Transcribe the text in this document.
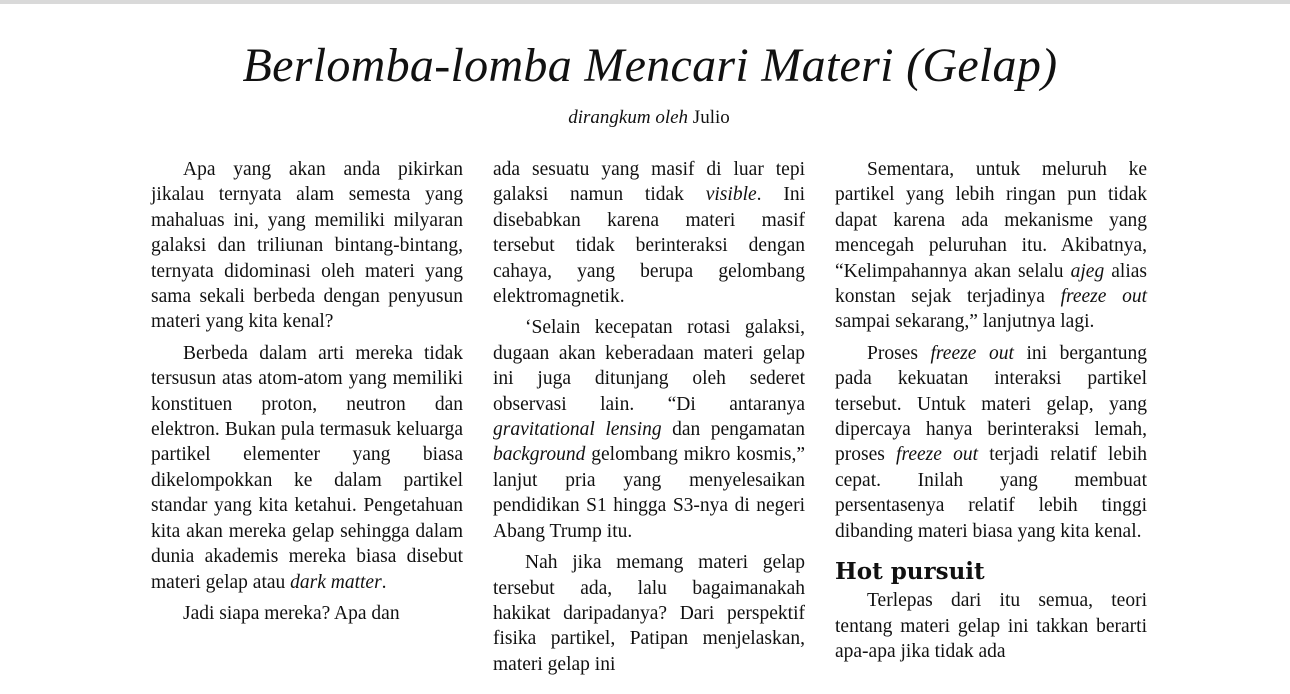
Berlomba-lomba Mencari Materi (Gelap)
dirangkum oleh Julio

Apa yang akan anda pikirkan jikalau ternyata alam semesta yang mahaluas ini, yang memiliki milyaran galaksi dan triliunan bintang-bintang, ternyata didominasi oleh materi yang sama sekali berbeda dengan penyusun materi yang kita kenal?

Berbeda dalam arti mereka tidak tersusun atas atom-atom yang memiliki konstituen proton, neutron dan elektron. Bukan pula termasuk keluarga partikel elementer yang biasa dikelompokkan ke dalam partikel standar yang kita ketahui. Pengetahuan kita akan mereka gelap sehingga dalam dunia akademis mereka biasa disebut materi gelap atau dark matter.

Jadi siapa mereka? Apa dan

ada sesuatu yang masif di luar tepi galaksi namun tidak visible. Ini disebabkan karena materi masif tersebut tidak berinteraksi dengan cahaya, yang berupa gelombang elektromagnetik.

‘Selain kecepatan rotasi galaksi, dugaan akan keberadaan materi gelap ini juga ditunjang oleh sederet observasi lain. “Di antaranya gravitational lensing dan pengamatan background gelombang mikro kosmis,” lanjut pria yang menyelesaikan pendidikan S1 hingga S3-nya di negeri Abang Trump itu.

Nah jika memang materi gelap tersebut ada, lalu bagaimanakah hakikat daripadanya? Dari perspektif fisika partikel, Patipan menjelaskan, materi gelap ini

Sementara, untuk meluruh ke partikel yang lebih ringan pun tidak dapat karena ada mekanisme yang mencegah peluruhan itu. Akibatnya, “Kelimpahannya akan selalu ajeg alias konstan sejak terjadinya freeze out sampai sekarang,” lanjutnya lagi.

Proses freeze out ini bergantung pada kekuatan interaksi partikel tersebut. Untuk materi gelap, yang dipercaya hanya berinteraksi lemah, proses freeze out terjadi relatif lebih cepat. Inilah yang membuat persentasenya relatif lebih tinggi dibanding materi biasa yang kita kenal.

Hot pursuit

Terlepas dari itu semua, teori tentang materi gelap ini takkan berarti apa-apa jika tidak ada
